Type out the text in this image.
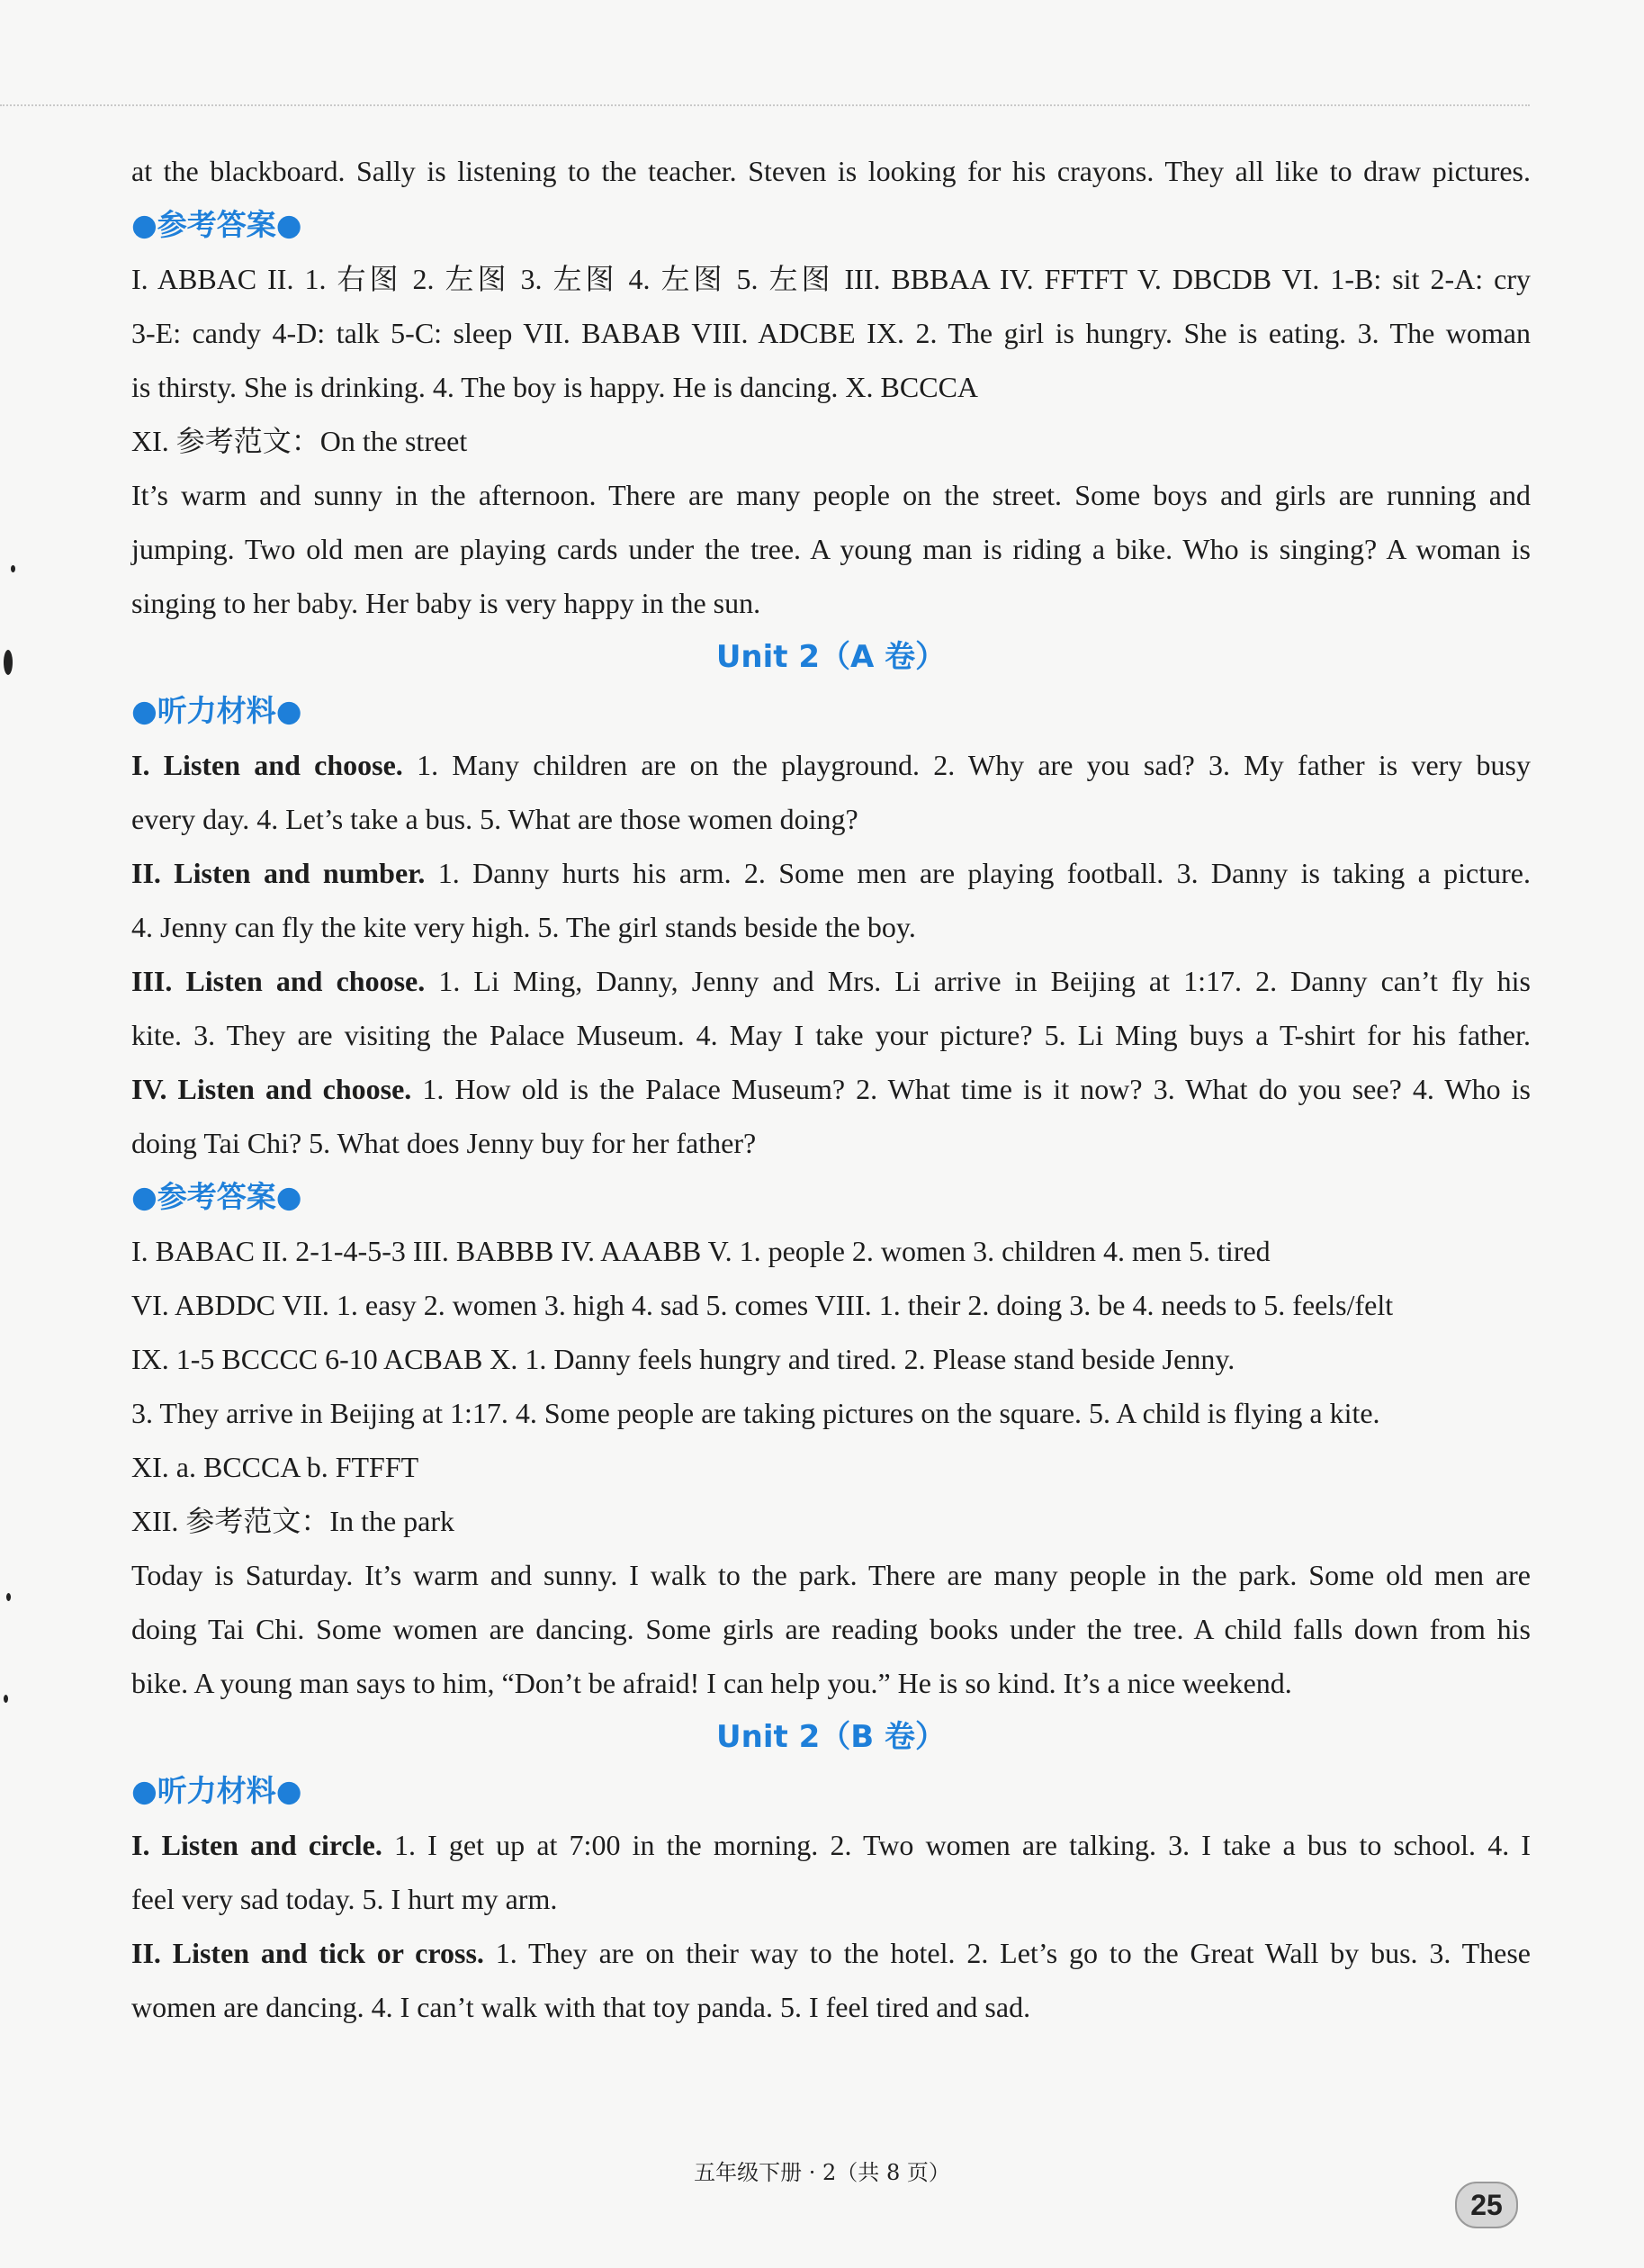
at the blackboard. Sally is listening to the teacher. Steven is looking for his crayons. They all like to draw pictures.
●参考答案●
I. ABBAC II. 1. 右图 2. 左图 3. 左图 4. 左图 5. 左图 III. BBBAA IV. FFTFT V. DBCDB VI. 1-B: sit 2-A: cry
3-E: candy 4-D: talk 5-C: sleep VII. BABAB VIII. ADCBE IX. 2. The girl is hungry. She is eating. 3. The woman
is thirsty. She is drinking. 4. The boy is happy. He is dancing. X. BCCCA
XI. 参考范文：On the street
It’s warm and sunny in the afternoon. There are many people on the street. Some boys and girls are running and
jumping. Two old men are playing cards under the tree. A young man is riding a bike. Who is singing? A woman is
singing to her baby. Her baby is very happy in the sun.
Unit 2（A 卷）
●听力材料●
I. Listen and choose. 1. Many children are on the playground. 2. Why are you sad? 3. My father is very busy
every day. 4. Let’s take a bus. 5. What are those women doing?
II. Listen and number. 1. Danny hurts his arm. 2. Some men are playing football. 3. Danny is taking a picture.
4. Jenny can fly the kite very high. 5. The girl stands beside the boy.
III. Listen and choose. 1. Li Ming, Danny, Jenny and Mrs. Li arrive in Beijing at 1:17. 2. Danny can’t fly his
kite. 3. They are visiting the Palace Museum. 4. May I take your picture? 5. Li Ming buys a T-shirt for his father.
IV. Listen and choose. 1. How old is the Palace Museum? 2. What time is it now? 3. What do you see? 4. Who is
doing Tai Chi? 5. What does Jenny buy for her father?
●参考答案●
I. BABAC II. 2-1-4-5-3 III. BABBB IV. AAABB V. 1. people 2. women 3. children 4. men 5. tired
VI. ABDDC VII. 1. easy 2. women 3. high 4. sad 5. comes VIII. 1. their 2. doing 3. be 4. needs to 5. feels/felt
IX. 1-5 BCCCC 6-10 ACBAB X. 1. Danny feels hungry and tired. 2. Please stand beside Jenny.
3. They arrive in Beijing at 1:17. 4. Some people are taking pictures on the square. 5. A child is flying a kite.
XI. a. BCCCA b. FTFFT
XII. 参考范文：In the park
Today is Saturday. It’s warm and sunny. I walk to the park. There are many people in the park. Some old men are
doing Tai Chi. Some women are dancing. Some girls are reading books under the tree. A child falls down from his
bike. A young man says to him, “Don’t be afraid! I can help you.” He is so kind. It’s a nice weekend.
Unit 2（B 卷）
●听力材料●
I. Listen and circle. 1. I get up at 7:00 in the morning. 2. Two women are talking. 3. I take a bus to school. 4. I
feel very sad today. 5. I hurt my arm.
II. Listen and tick or cross. 1. They are on their way to the hotel. 2. Let’s go to the Great Wall by bus. 3. These
women are dancing. 4. I can’t walk with that toy panda. 5. I feel tired and sad.
五年级下册 · 2（共 8 页）
25
